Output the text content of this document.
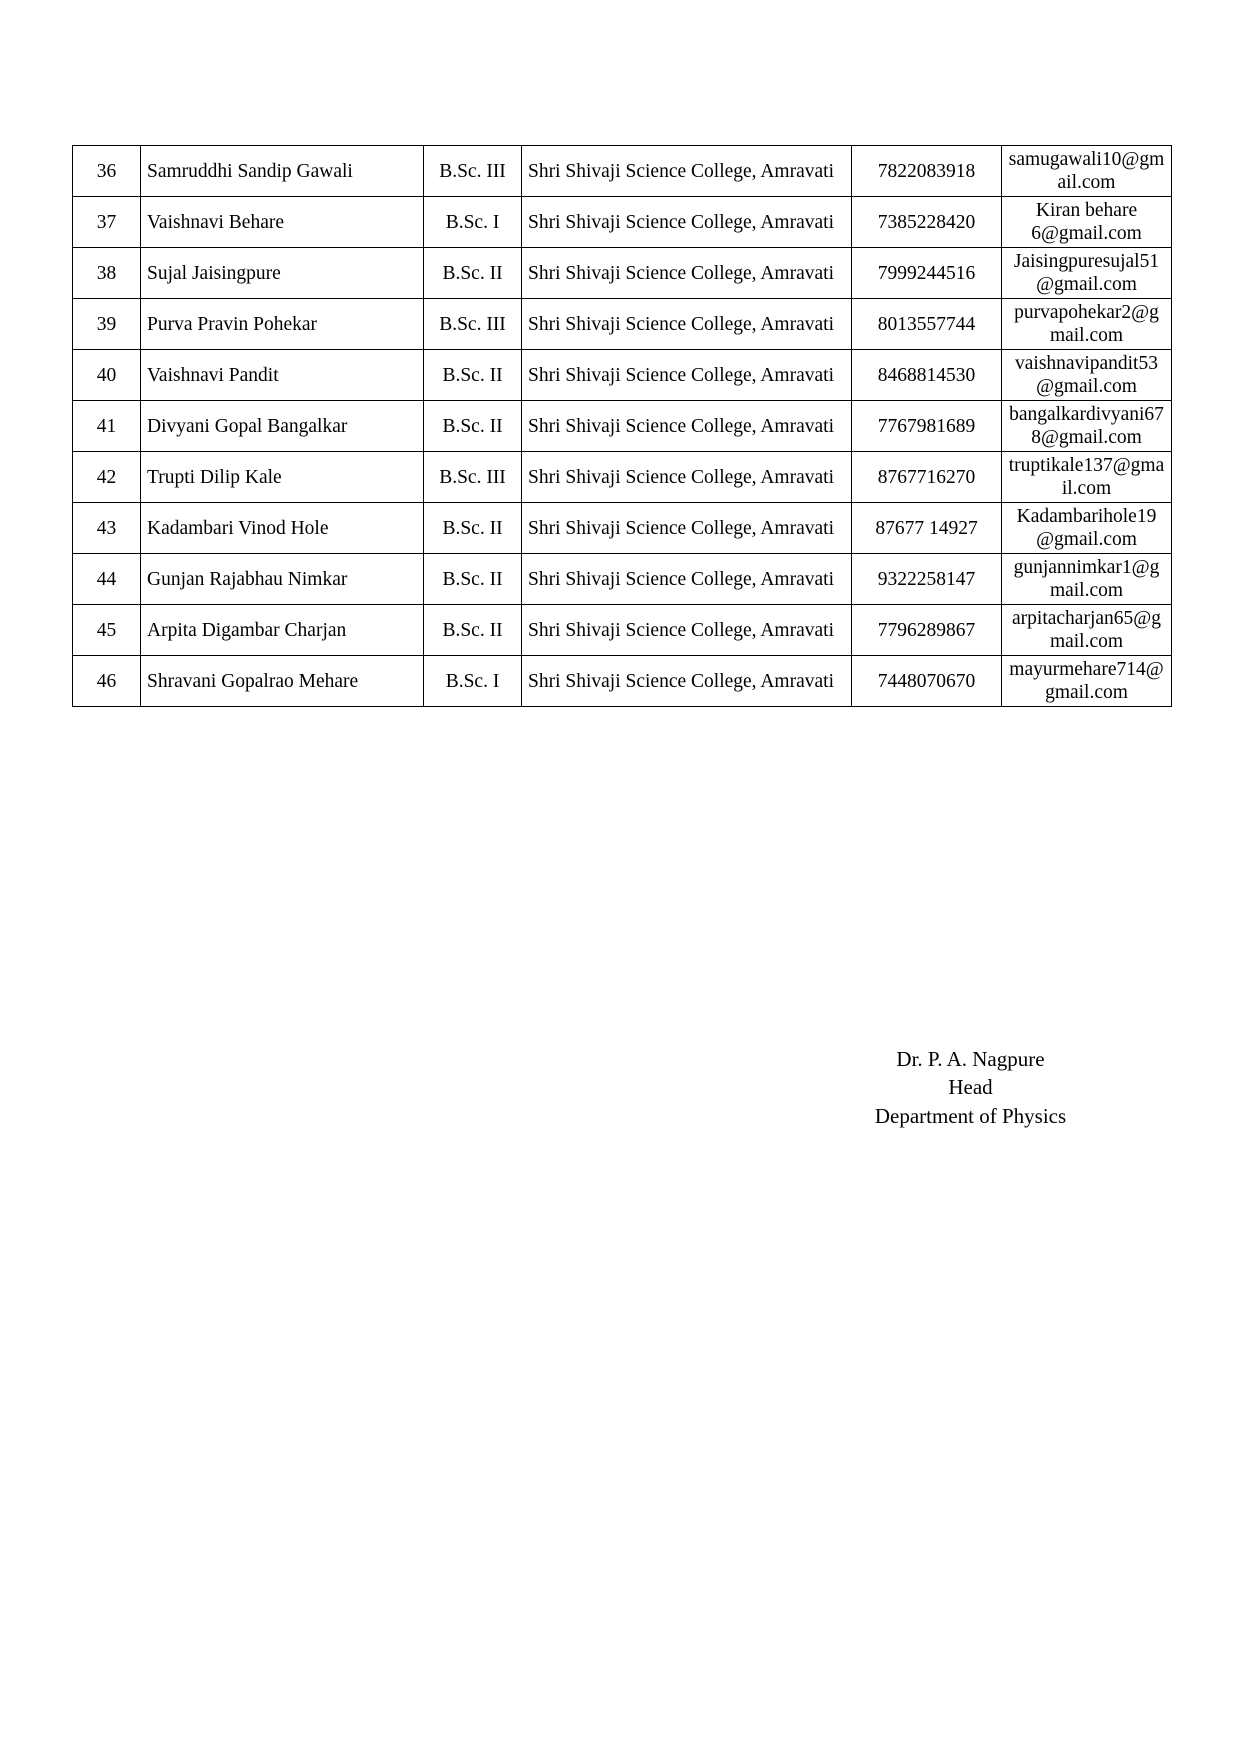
36	Samruddhi Sandip Gawali	B.Sc. III	Shri Shivaji Science College, Amravati	7822083918	samugawali10@gmail.com
37	Vaishnavi Behare	B.Sc. I	Shri Shivaji Science College, Amravati	7385228420	Kiran behare 6@gmail.com
38	Sujal Jaisingpure	B.Sc. II	Shri Shivaji Science College, Amravati	7999244516	Jaisingpuresujal51@gmail.com
39	Purva Pravin Pohekar	B.Sc. III	Shri Shivaji Science College, Amravati	8013557744	purvapohekar2@gmail.com
40	Vaishnavi Pandit	B.Sc. II	Shri Shivaji Science College, Amravati	8468814530	vaishnavipandit53@gmail.com
41	Divyani Gopal Bangalkar	B.Sc. II	Shri Shivaji Science College, Amravati	7767981689	bangalkardivyani678@gmail.com
42	Trupti Dilip Kale	B.Sc. III	Shri Shivaji Science College, Amravati	8767716270	truptikale137@gmail.com
43	Kadambari Vinod Hole	B.Sc. II	Shri Shivaji Science College, Amravati	87677 14927	Kadambarihole19@gmail.com
44	Gunjan Rajabhau Nimkar	B.Sc. II	Shri Shivaji Science College, Amravati	9322258147	gunjannimkar1@gmail.com
45	Arpita Digambar Charjan	B.Sc. II	Shri Shivaji Science College, Amravati	7796289867	arpitacharjan65@gmail.com
46	Shravani Gopalrao Mehare	B.Sc. I	Shri Shivaji Science College, Amravati	7448070670	mayurmehare714@gmail.com
Dr. P. A. Nagpure
Head
Department of Physics
